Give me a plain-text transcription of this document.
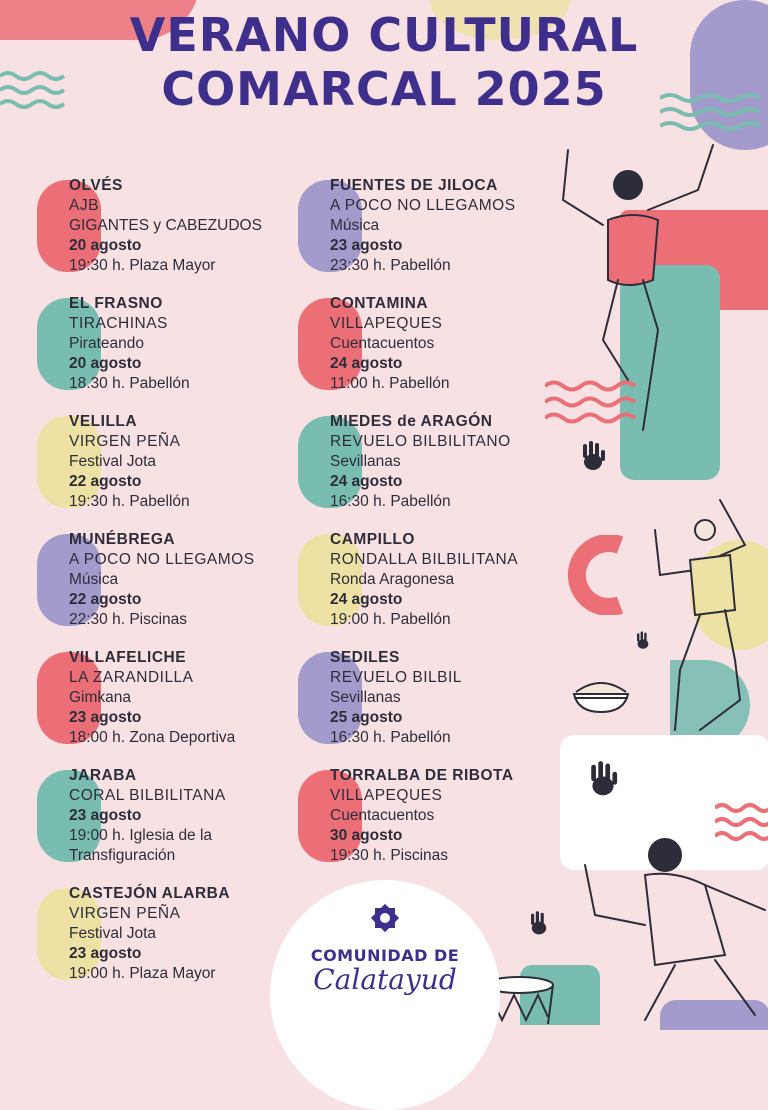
VERANO CULTURAL
COMARCAL 2025
OLVÉS
AJB
GIGANTES y CABEZUDOS
20 agosto
19:30 h. Plaza Mayor
EL FRASNO
TIRACHINAS
Pirateando
20 agosto
18.30 h. Pabellón
VELILLA
VIRGEN PEÑA
Festival Jota
22 agosto
19:30 h. Pabellón
MUNÉBREGA
A POCO NO LLEGAMOS
Música
22 agosto
22:30 h. Piscinas
VILLAFELICHE
LA ZARANDILLA
Gimkana
23 agosto
18:00 h. Zona Deportiva
JARABA
CORAL BILBILITANA
23 agosto
19:00 h. Iglesia de la
Transfiguración
CASTEJÓN ALARBA
VIRGEN PEÑA
Festival Jota
23 agosto
19:00 h. Plaza Mayor
FUENTES DE JILOCA
A POCO NO LLEGAMOS
Música
23 agosto
23:30 h. Pabellón
CONTAMINA
VILLAPEQUES
Cuentacuentos
24 agosto
11:00 h. Pabellón
MIEDES de ARAGÓN
REVUELO BILBILITANO
Sevillanas
24 agosto
16:30 h. Pabellón
CAMPILLO
RONDALLA BILBILITANA
Ronda Aragonesa
24 agosto
19:00 h. Pabellón
SEDILES
REVUELO BILBIL
Sevillanas
25 agosto
16:30 h. Pabellón
TORRALBA DE RIBOTA
VILLAPEQUES
Cuentacuentos
30 agosto
19:30 h. Piscinas
COMUNIDAD DE
Calatayud
